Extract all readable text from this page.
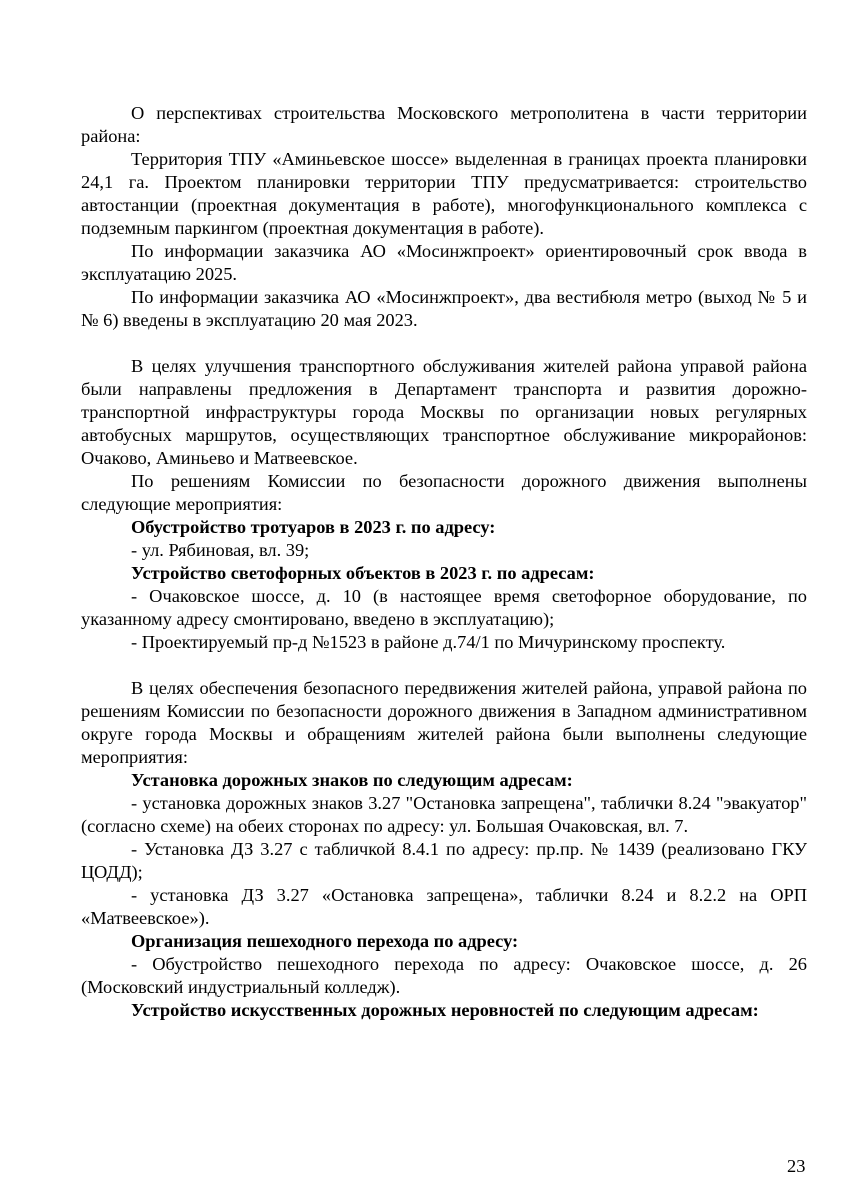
О перспективах строительства Московского метрополитена в части территории района:

Территория ТПУ «Аминьевское шоссе» выделенная в границах проекта планировки 24,1 га. Проектом планировки территории ТПУ предусматривается: строительство автостанции (проектная документация в работе), многофункционального комплекса с подземным паркингом (проектная документация в работе).

По информации заказчика АО «Мосинжпроект» ориентировочный срок ввода в эксплуатацию 2025.

По информации заказчика АО «Мосинжпроект», два вестибюля метро (выход № 5 и № 6) введены в эксплуатацию 20 мая 2023.

В целях улучшения транспортного обслуживания жителей района управой района были направлены предложения в Департамент транспорта и развития дорожно-транспортной инфраструктуры города Москвы по организации новых регулярных автобусных маршрутов, осуществляющих транспортное обслуживание микрорайонов: Очаково, Аминьево и Матвеевское.

По решениям Комиссии по безопасности дорожного движения выполнены следующие мероприятия:

Обустройство тротуаров в 2023 г. по адресу:

- ул. Рябиновая, вл. 39;

Устройство светофорных объектов в 2023 г. по адресам:

- Очаковское шоссе, д. 10 (в настоящее время светофорное оборудование, по указанному адресу смонтировано, введено в эксплуатацию);

- Проектируемый пр-д №1523 в районе д.74/1 по Мичуринскому проспекту.

В целях обеспечения безопасного передвижения жителей района, управой района по решениям Комиссии по безопасности дорожного движения в Западном административном округе города Москвы и обращениям жителей района были выполнены следующие мероприятия:

Установка дорожных знаков по следующим адресам:

- установка дорожных знаков 3.27 "Остановка запрещена", таблички 8.24 "эвакуатор" (согласно схеме) на обеих сторонах по адресу: ул. Большая Очаковская, вл. 7.

- Установка ДЗ 3.27 с табличкой 8.4.1 по адресу: пр.пр. № 1439 (реализовано ГКУ ЦОДД);

- установка ДЗ 3.27 «Остановка запрещена», таблички 8.24 и 8.2.2 на ОРП «Матвеевское»).

Организация пешеходного перехода по адресу:

- Обустройство пешеходного перехода по адресу: Очаковское шоссе, д. 26 (Московский индустриальный колледж).

Устройство искусственных дорожных неровностей по следующим адресам:

23
